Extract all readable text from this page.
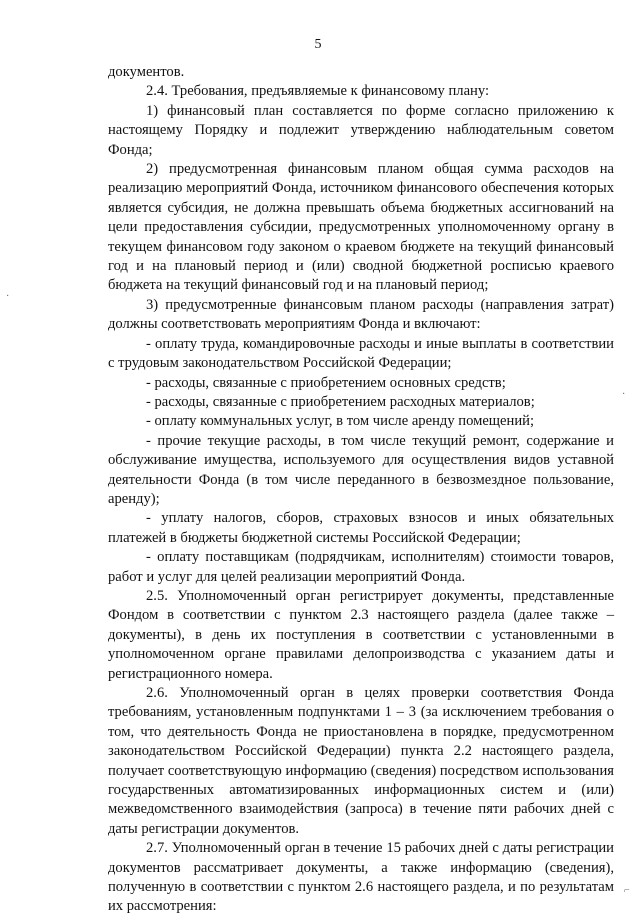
5

документов.

2.4. Требования, предъявляемые к финансовому плану:

1) финансовый план составляется по форме согласно приложению к настоящему Порядку и подлежит утверждению наблюдательным советом Фонда;

2) предусмотренная финансовым планом общая сумма расходов на реализацию мероприятий Фонда, источником финансового обеспечения которых является субсидия, не должна превышать объема бюджетных ассигнований на цели предоставления субсидии, предусмотренных уполномоченному органу в текущем финансовом году законом о краевом бюджете на текущий финансовый год и на плановый период и (или) сводной бюджетной росписью краевого бюджета на текущий финансовый год и на плановый период;

3) предусмотренные финансовым планом расходы (направления затрат) должны соответствовать мероприятиям Фонда и включают:

- оплату труда, командировочные расходы и иные выплаты в соответствии с трудовым законодательством Российской Федерации;

- расходы, связанные с приобретением основных средств;

- расходы, связанные с приобретением расходных материалов;

- оплату коммунальных услуг, в том числе аренду помещений;

- прочие текущие расходы, в том числе текущий ремонт, содержание и обслуживание имущества, используемого для осуществления видов уставной деятельности Фонда (в том числе переданного в безвозмездное пользование, аренду);

- уплату налогов, сборов, страховых взносов и иных обязательных платежей в бюджеты бюджетной системы Российской Федерации;

- оплату поставщикам (подрядчикам, исполнителям) стоимости товаров, работ и услуг для целей реализации мероприятий Фонда.

2.5. Уполномоченный орган регистрирует документы, представленные Фондом в соответствии с пунктом 2.3 настоящего раздела (далее также – документы), в день их поступления в соответствии с установленными в уполномоченном органе правилами делопроизводства с указанием даты и регистрационного номера.

2.6. Уполномоченный орган в целях проверки соответствия Фонда требованиям, установленным подпунктами 1 – 3 (за исключением требования о том, что деятельность Фонда не приостановлена в порядке, предусмотренном законодательством Российской Федерации) пункта 2.2 настоящего раздела, получает соответствующую информацию (сведения) посредством использования государственных автоматизированных информационных систем и (или) межведомственного взаимодействия (запроса) в течение пяти рабочих дней с даты регистрации документов.

2.7. Уполномоченный орган в течение 15 рабочих дней с даты регистрации документов рассматривает документы, а также информацию (сведения), полученную в соответствии с пунктом 2.6 настоящего раздела, и по результатам их рассмотрения:

·
·
⌐
